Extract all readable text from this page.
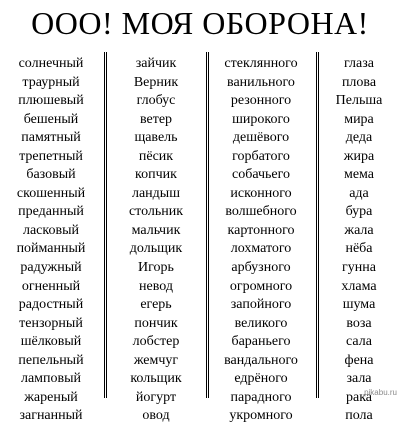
ООО! МОЯ ОБОРОНА!
солнечный
траурный
плюшевый
бешеный
памятный
трепетный
базовый
скошенный
преданный
ласковый
пойманный
радужный
огненный
радостный
тензорный
шёлковый
пепельный
ламповый
жареный
загнанный
зайчик
Верник
глобус
ветер
щавель
пёсик
копчик
ландыш
стольник
мальчик
дольщик
Игорь
невод
егерь
пончик
лобстер
жемчуг
кольщик
йогурт
овод
стеклянного
ванильного
резонного
широкого
дешёвого
горбатого
собачьего
исконного
волшебного
картонного
лохматого
арбузного
огромного
запойного
великого
бараньего
вандального
едрёного
парадного
укромного
глаза
плова
Пельша
мира
деда
жира
мема
ада
бура
жала
нёба
гунна
хлама
шума
воза
сала
фена
зала
рака
пола
pikabu.ru
